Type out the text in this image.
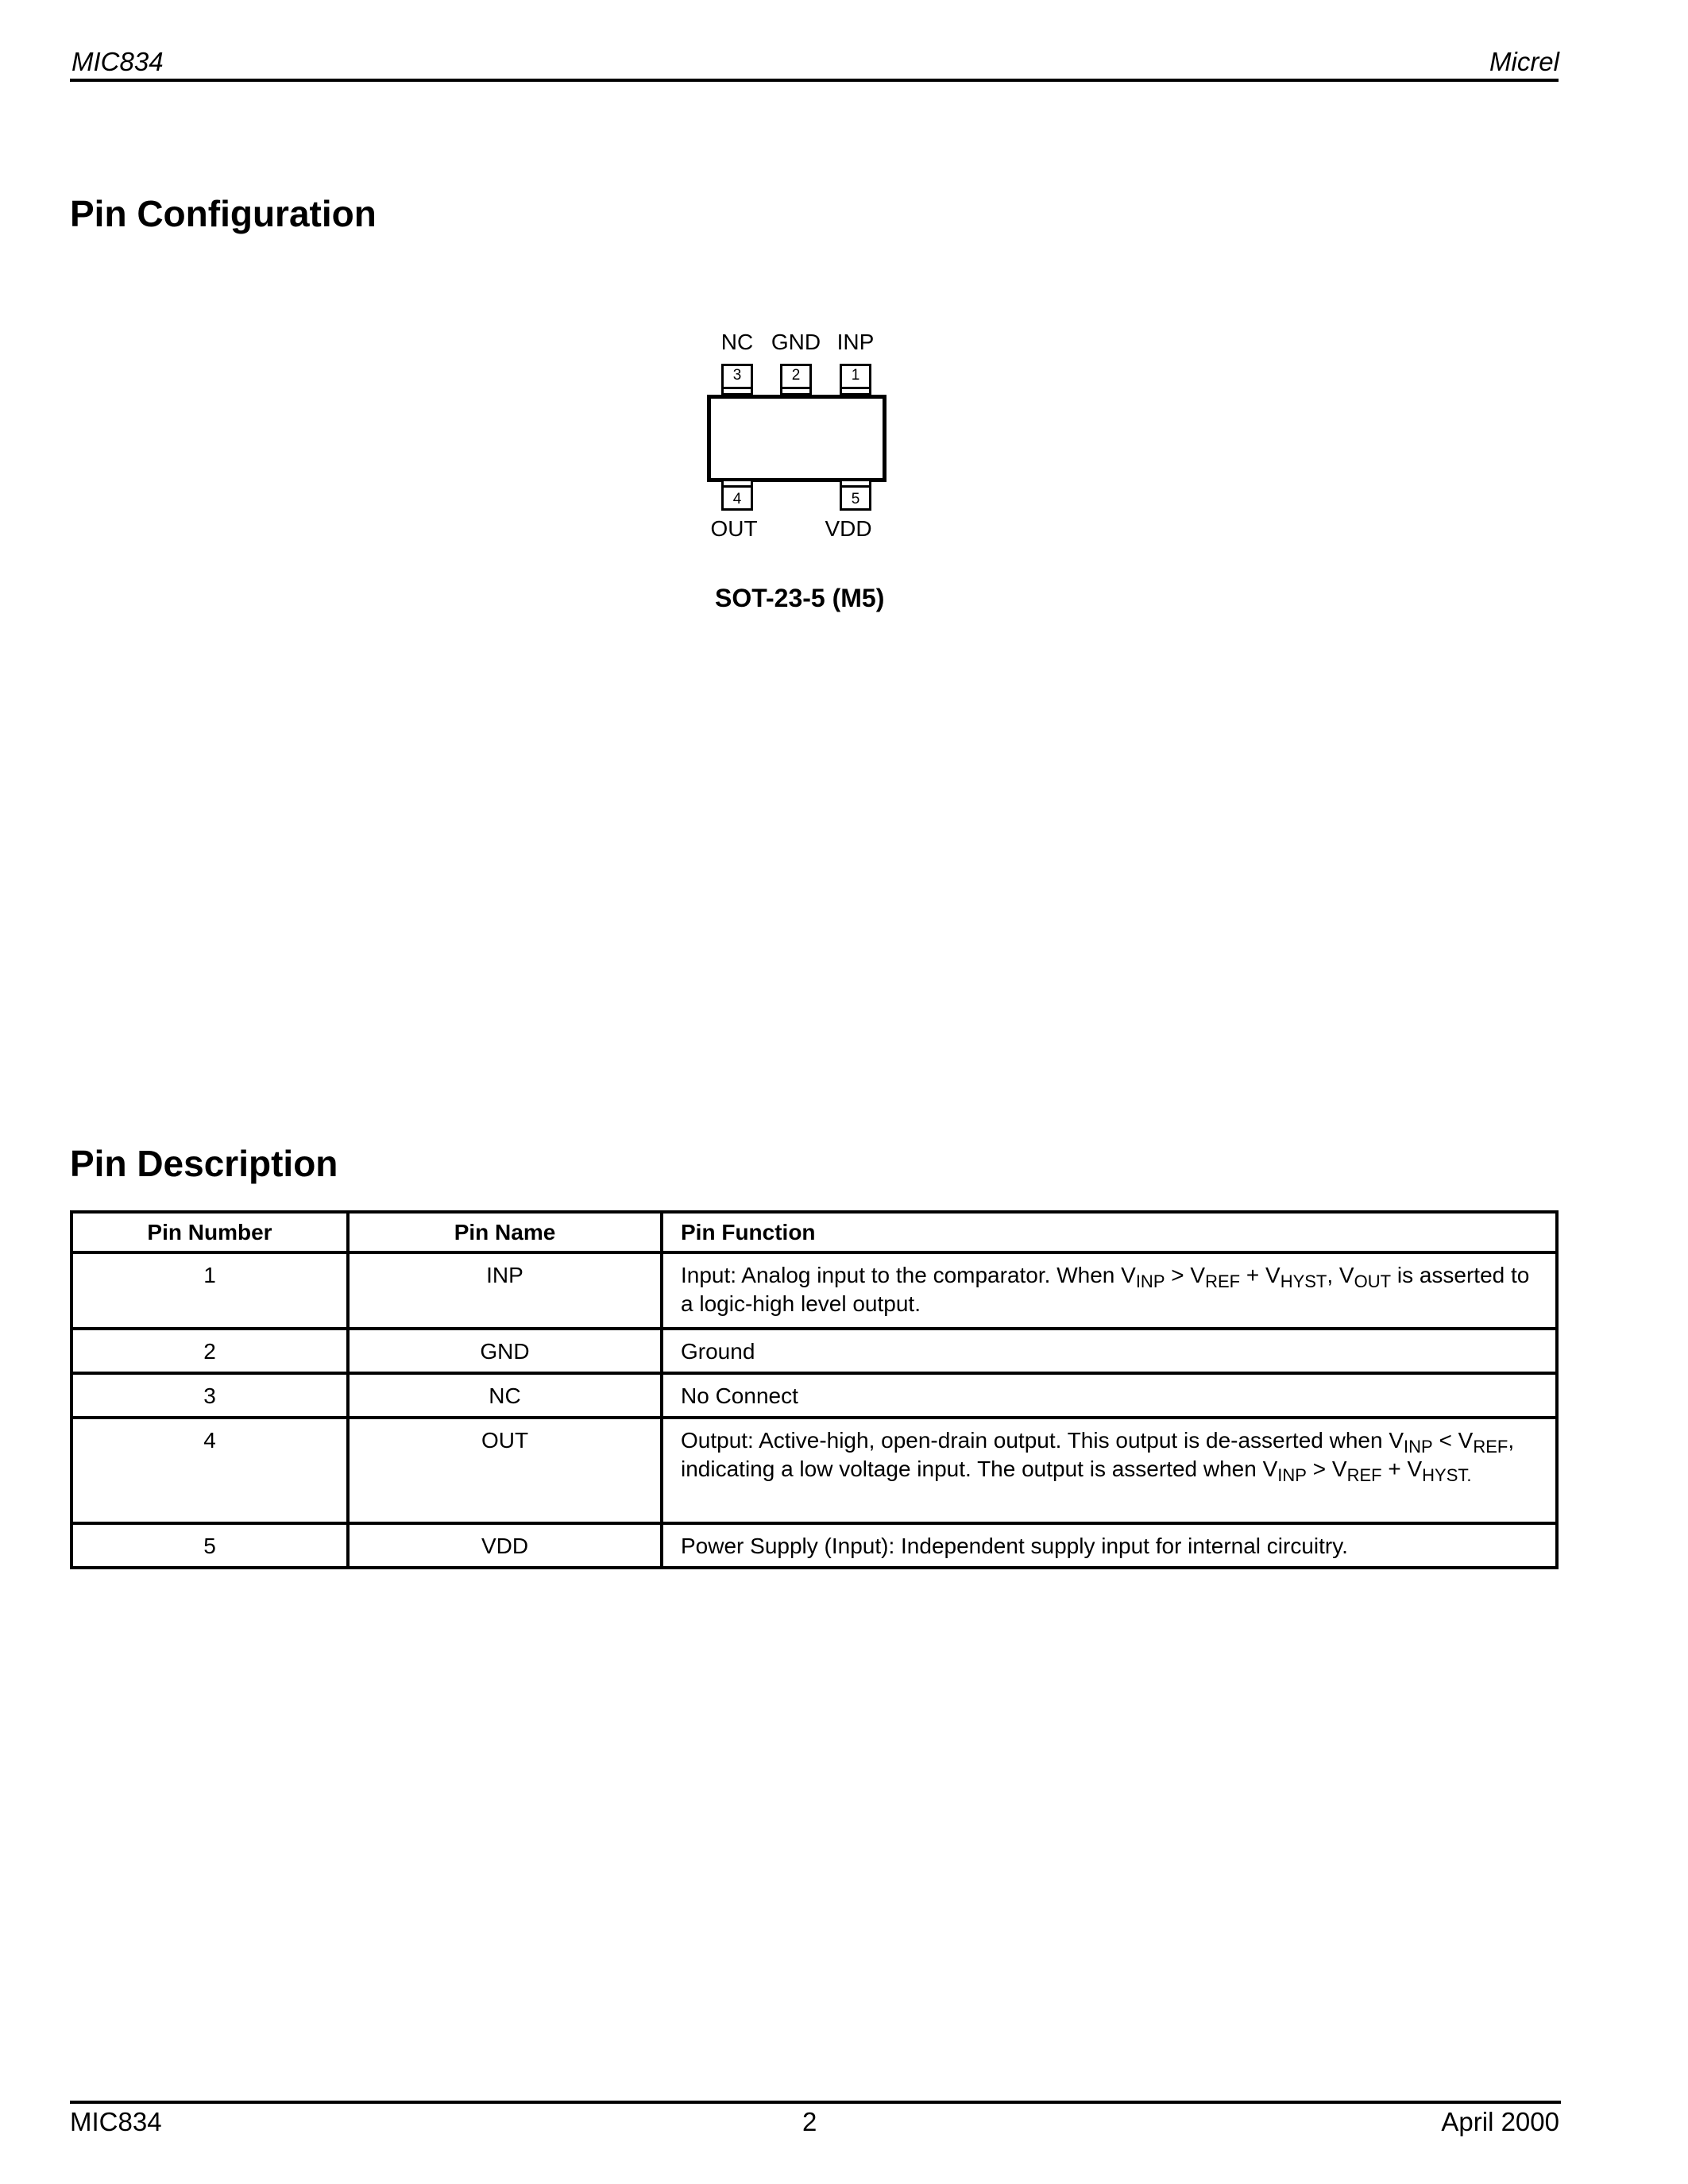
MIC834	Micrel
Pin Configuration
NC GND INP
3	2	1
4	5
OUT	VDD
SOT-23-5 (M5)
Pin Description
Pin Number	Pin Name	Pin Function
1	INP	Input: Analog input to the comparator. When $V_{INP} > V_{REF} + V_{HYST}$, $V_{OUT}$ is asserted to a logic-high level output.
2	GND	Ground
3	NC	No Connect
4	OUT	Output: Active-high, open-drain output. This output is de-asserted when $V_{INP} < V_{REF}$, indicating a low voltage input. The output is asserted when $V_{INP} > V_{REF} + V_{HYST.}$
5	VDD	Power Supply (Input): Independent supply input for internal circuitry.
MIC834	2	April 2000
